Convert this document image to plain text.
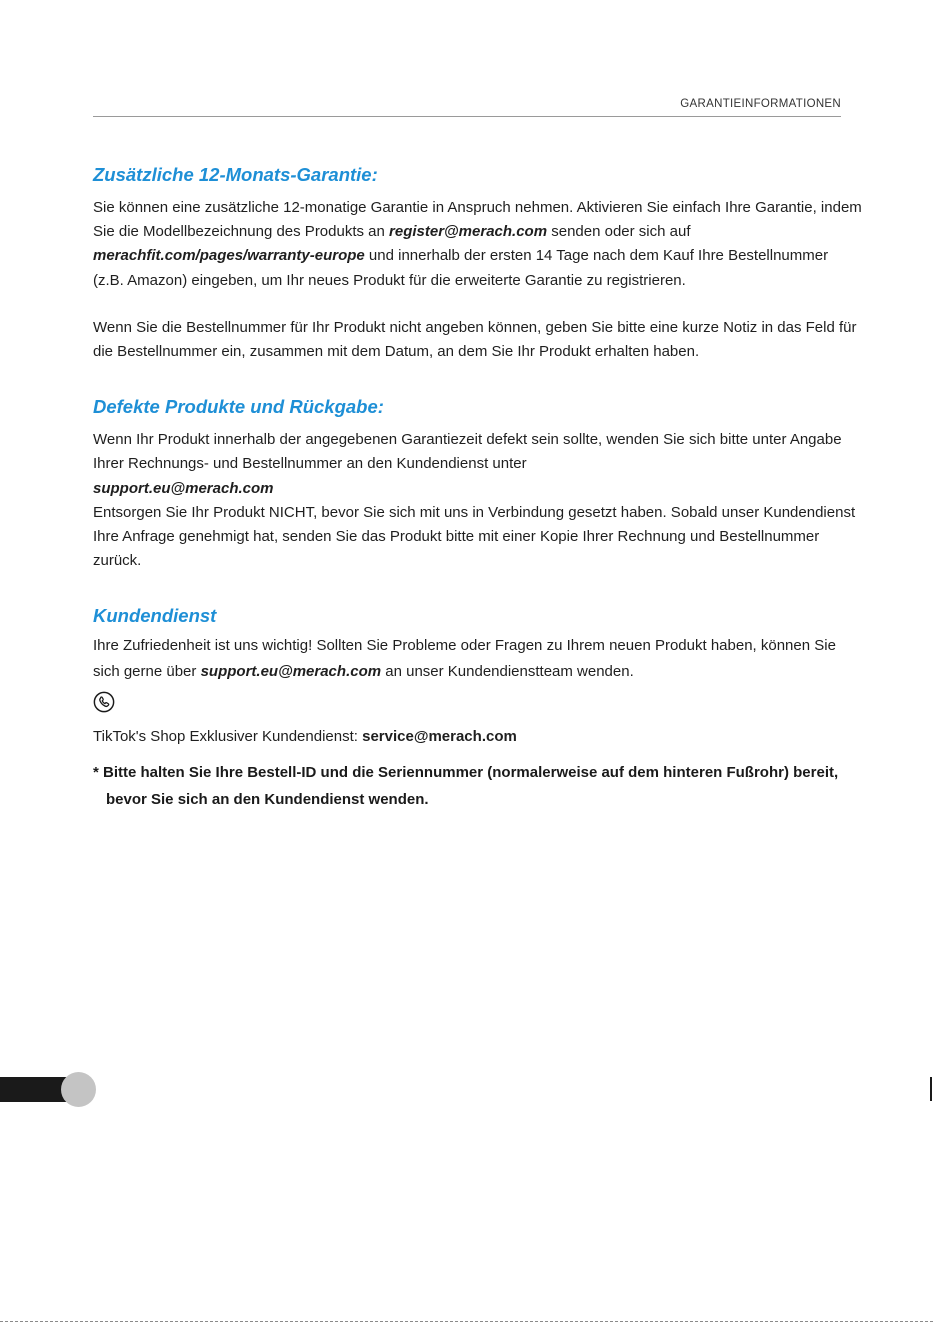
GARANTIEINFORMATIONEN
Zusätzliche 12-Monats-Garantie:

Sie können eine zusätzliche 12-monatige Garantie in Anspruch nehmen. Aktivieren Sie einfach Ihre Garantie, indem Sie die Modellbezeichnung des Produkts an register@merach.com senden oder sich auf merachfit.com/pages/warranty-europe und innerhalb der ersten 14 Tage nach dem Kauf Ihre Bestellnummer (z.B. Amazon) eingeben, um Ihr neues Produkt für die erweiterte Garantie zu registrieren.

Wenn Sie die Bestellnummer für Ihr Produkt nicht angeben können, geben Sie bitte eine kurze Notiz in das Feld für die Bestellnummer ein, zusammen mit dem Datum, an dem Sie Ihr Produkt erhalten haben.

Defekte Produkte und Rückgabe:

Wenn Ihr Produkt innerhalb der angegebenen Garantiezeit defekt sein sollte, wenden Sie sich bitte unter Angabe Ihrer Rechnungs- und Bestellnummer an den Kundendienst unter
support.eu@merach.com

Entsorgen Sie Ihr Produkt NICHT, bevor Sie sich mit uns in Verbindung gesetzt haben. Sobald unser Kundendienst Ihre Anfrage genehmigt hat, senden Sie das Produkt bitte mit einer Kopie Ihrer Rechnung und Bestellnummer zurück.

Kundendienst

Ihre Zufriedenheit ist uns wichtig! Sollten Sie Probleme oder Fragen zu Ihrem neuen Produkt haben, können Sie sich gerne über support.eu@merach.com an unser Kundendienstteam wenden.

TikTok's Shop Exklusiver Kundendienst: service@merach.com

* Bitte halten Sie Ihre Bestell-ID und die Seriennummer (normalerweise auf dem hinteren Fußrohr) bereit, bevor Sie sich an den Kundendienst wenden.
